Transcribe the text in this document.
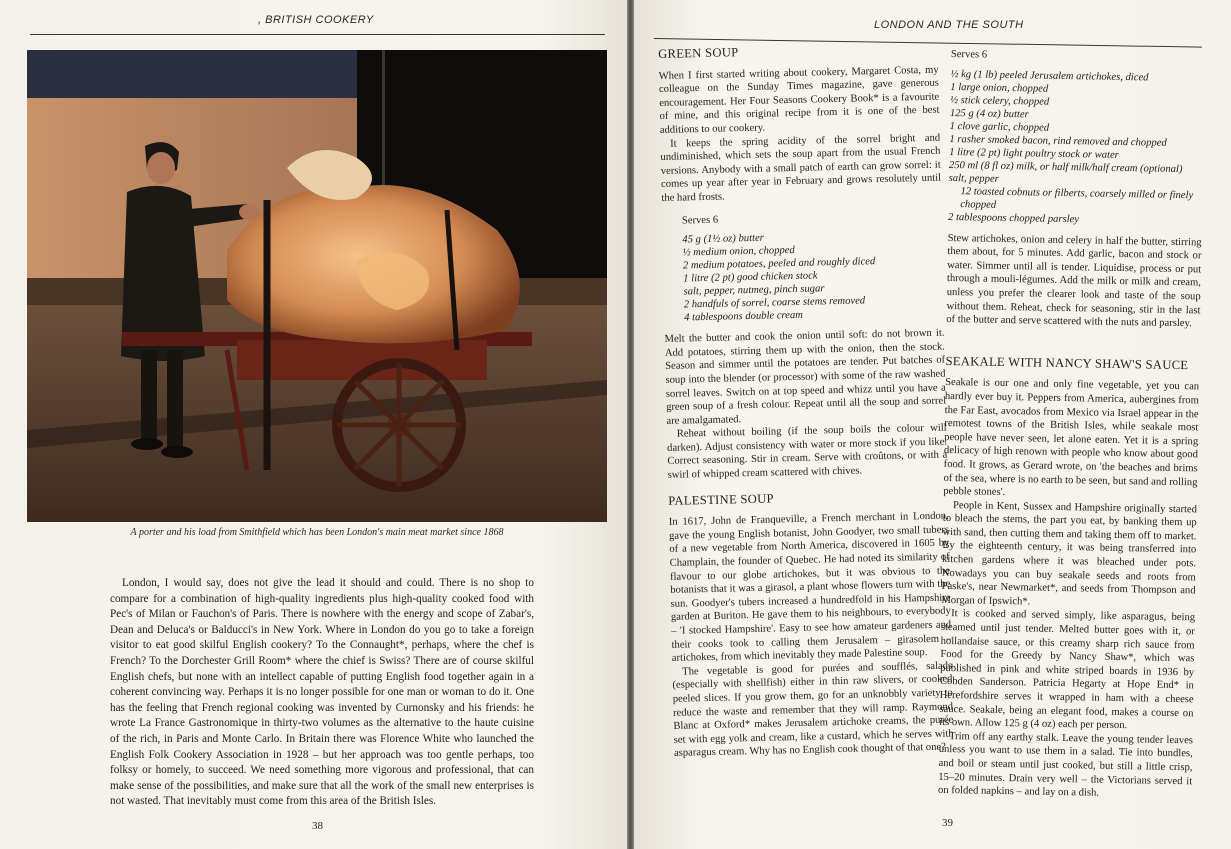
, BRITISH COOKERY
A porter and his load from Smithfield which has been London's main meat market since 1868

London, I would say, does not give the lead it should and could. There is no shop to compare for a combination of high-quality ingredients plus high-quality cooked food with Pec's of Milan or Fauchon's of Paris. There is nowhere with the energy and scope of Zabar's, Dean and Deluca's or Balducci's in New York. Where in London do you go to take a foreign visitor to eat good skilful English cookery? To the Connaught*, perhaps, where the chef is French? To the Dorchester Grill Room* where the chief is Swiss? There are of course skilful English chefs, but none with an intellect capable of putting English food together again in a coherent convincing way. Perhaps it is no longer possible for one man or woman to do it. One has the feeling that French regional cooking was invented by Curnonsky and his friends: he wrote La France Gastronomique in thirty-two volumes as the alternative to the haute cuisine of the rich, in Paris and Monte Carlo. In Britain there was Florence White who launched the English Folk Cookery Association in 1928 – but her approach was too gentle perhaps, too folksy or homely, to succeed. We need something more vigorous and professional, that can make sense of the possibilities, and make sure that all the work of the small new enterprises is not wasted. That inevitably must come from this area of the British Isles.

38
LONDON AND THE SOUTH
GREEN SOUP

When I first started writing about cookery, Margaret Costa, my colleague on the Sunday Times magazine, gave generous encouragement. Her Four Seasons Cookery Book* is a favourite of mine, and this original recipe from it is one of the best additions to our cookery.

It keeps the spring acidity of the sorrel bright and undiminished, which sets the soup apart from the usual French versions. Anybody with a small patch of earth can grow sorrel: it comes up year after year in February and grows resolutely until the hard frosts.

Serves 6
45 g (1½ oz) butter
½ medium onion, chopped
2 medium potatoes, peeled and roughly diced
1 litre (2 pt) good chicken stock
salt, pepper, nutmeg, pinch sugar
2 handfuls of sorrel, coarse stems removed
4 tablespoons double cream

Melt the butter and cook the onion until soft: do not brown it. Add potatoes, stirring them up with the onion, then the stock. Season and simmer until the potatoes are tender. Put batches of soup into the blender (or processor) with some of the raw washed sorrel leaves. Switch on at top speed and whizz until you have a green soup of a fresh colour. Repeat until all the soup and sorrel are amalgamated.

Reheat without boiling (if the soup boils the colour will darken). Adjust consistency with water or more stock if you like. Correct seasoning. Stir in cream. Serve with croûtons, or with a swirl of whipped cream scattered with chives.

PALESTINE SOUP

In 1617, John de Franqueville, a French merchant in London, gave the young English botanist, John Goodyer, two small tubers of a new vegetable from North America, discovered in 1605 by Champlain, the founder of Quebec. He had noted its similarity of flavour to our globe artichokes, but it was obvious to the botanists that it was a girasol, a plant whose flowers turn with the sun. Goodyer's tubers increased a hundredfold in his Hampshire garden at Buriton. He gave them to his neighbours, to everybody – 'I stocked Hampshire'. Easy to see how amateur gardeners and their cooks took to calling them Jerusalem – girasolem – artichokes, from which inevitably they made Palestine soup.

The vegetable is good for purées and soufflés, salads (especially with shellfish) either in thin raw slivers, or cooked peeled slices. If you grow them, go for an unknobbly variety to reduce the waste and remember that they will ramp. Raymond Blanc at Oxford* makes Jerusalem artichoke creams, the purée set with egg yolk and cream, like a custard, which he serves with asparagus cream. Why has no English cook thought of that one?

Serves 6
½ kg (1 lb) peeled Jerusalem artichokes, diced
1 large onion, chopped
½ stick celery, chopped
125 g (4 oz) butter
1 clove garlic, chopped
1 rasher smoked bacon, rind removed and chopped
1 litre (2 pt) light poultry stock or water
250 ml (8 fl oz) milk, or half milk/half cream (optional)
salt, pepper
12 toasted cobnuts or filberts, coarsely milled or finely chopped
2 tablespoons chopped parsley

Stew artichokes, onion and celery in half the butter, stirring them about, for 5 minutes. Add garlic, bacon and stock or water. Simmer until all is tender. Liquidise, process or put through a mouli-légumes. Add the milk or milk and cream, unless you prefer the clearer look and taste of the soup without them. Reheat, check for seasoning, stir in the last of the butter and serve scattered with the nuts and parsley.

SEAKALE WITH NANCY SHAW'S SAUCE

Seakale is our one and only fine vegetable, yet you can hardly ever buy it. Peppers from America, aubergines from the Far East, avocados from Mexico via Israel appear in the remotest towns of the British Isles, while seakale most people have never seen, let alone eaten. Yet it is a spring delicacy of high renown with people who know about good food. It grows, as Gerard wrote, on 'the beaches and brims of the sea, where is no earth to be seen, but sand and rolling pebble stones'.

People in Kent, Sussex and Hampshire originally started to bleach the stems, the part you eat, by banking them up with sand, then cutting them and taking them off to market. By the eighteenth century, it was being transferred into kitchen gardens where it was bleached under pots. Nowadays you can buy seakale seeds and roots from Paske's, near Newmarket*, and seeds from Thompson and Morgan of Ipswich*.

It is cooked and served simply, like asparagus, being steamed until just tender. Melted butter goes with it, or hollandaise sauce, or this creamy sharp rich sauce from Food for the Greedy by Nancy Shaw*, which was published in pink and white striped boards in 1936 by Cobden Sanderson. Patricia Hegarty at Hope End* in Herefordshire serves it wrapped in ham with a cheese sauce. Seakale, being an elegant food, makes a course on its own. Allow 125 g (4 oz) each per person.

Trim off any earthy stalk. Leave the young tender leaves unless you want to use them in a salad. Tie into bundles, and boil or steam until just cooked, but still a little crisp, 15–20 minutes. Drain very well – the Victorians served it on folded napkins – and lay on a dish.

39
